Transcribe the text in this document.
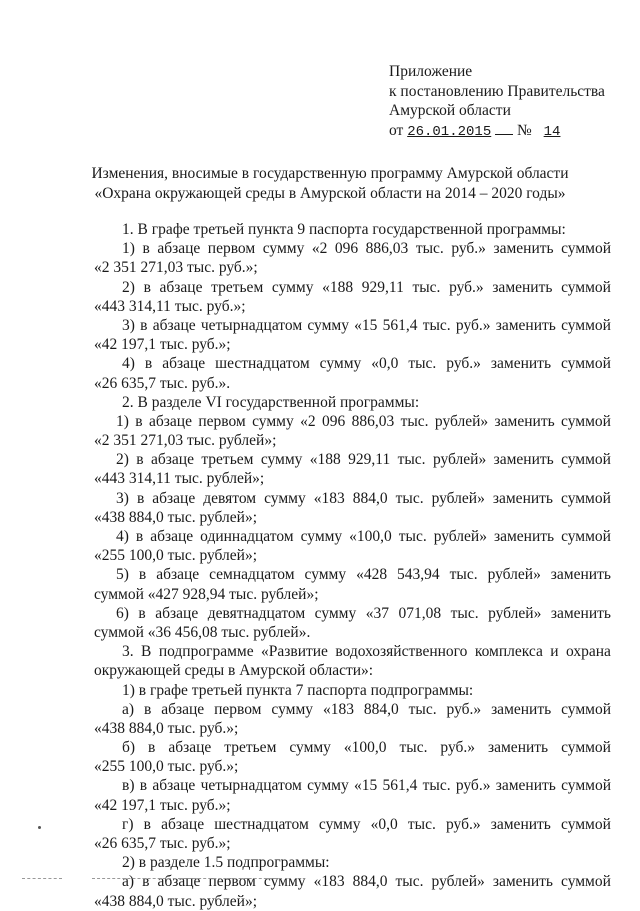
Приложение
к постановлению Правительства
Амурской области
от 26.01.2015 № 14
Изменения, вносимые в государственную программу Амурской области
«Охрана окружающей среды в Амурской области на 2014 – 2020 годы»
1. В графе третьей пункта 9 паспорта государственной программы:
1) в абзаце первом сумму «2 096 886,03 тыс. руб.» заменить суммой
«2 351 271,03 тыс. руб.»;
2) в абзаце третьем сумму «188 929,11 тыс. руб.» заменить суммой
«443 314,11 тыс. руб.»;
3) в абзаце четырнадцатом сумму «15 561,4 тыс. руб.» заменить суммой
«42 197,1 тыс. руб.»;
4) в абзаце шестнадцатом сумму «0,0 тыс. руб.» заменить суммой
«26 635,7 тыс. руб.».
2. В разделе VI государственной программы:
1) в абзаце первом сумму «2 096 886,03 тыс. рублей» заменить суммой
«2 351 271,03 тыс. рублей»;
2) в абзаце третьем сумму «188 929,11 тыс. рублей» заменить суммой
«443 314,11 тыс. рублей»;
3) в абзаце девятом сумму «183 884,0 тыс. рублей» заменить суммой
«438 884,0 тыс. рублей»;
4) в абзаце одиннадцатом сумму «100,0 тыс. рублей» заменить суммой
«255 100,0 тыс. рублей»;
5) в абзаце семнадцатом сумму «428 543,94 тыс. рублей» заменить
суммой «427 928,94 тыс. рублей»;
6) в абзаце девятнадцатом сумму «37 071,08 тыс. рублей» заменить
суммой «36 456,08 тыс. рублей».
3. В подпрограмме «Развитие водохозяйственного комплекса и охрана
окружающей среды в Амурской области»:
1) в графе третьей пункта 7 паспорта подпрограммы:
а) в абзаце первом сумму «183 884,0 тыс. руб.» заменить суммой
«438 884,0 тыс. руб.»;
б) в абзаце третьем сумму «100,0 тыс. руб.» заменить суммой
«255 100,0 тыс. руб.»;
в) в абзаце четырнадцатом сумму «15 561,4 тыс. руб.» заменить суммой
«42 197,1 тыс. руб.»;
г) в абзаце шестнадцатом сумму «0,0 тыс. руб.» заменить суммой
«26 635,7 тыс. руб.»;
2) в разделе 1.5 подпрограммы:
а) в абзаце первом сумму «183 884,0 тыс. рублей» заменить суммой
«438 884,0 тыс. рублей»;
